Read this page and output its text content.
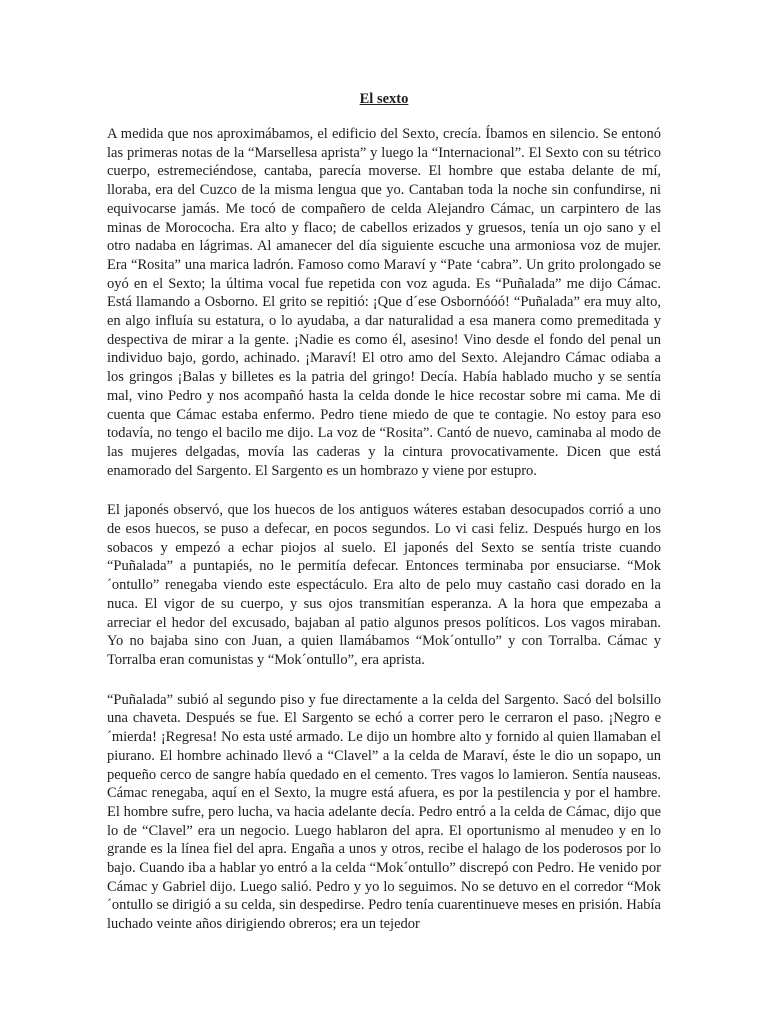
El sexto

A medida que nos aproximábamos, el edificio del Sexto, crecía. Íbamos en silencio. Se entonó las primeras notas de la “Marsellesa aprista” y luego la “Internacional”. El Sexto con su tétrico cuerpo, estremeciéndose, cantaba, parecía moverse. El hombre que estaba delante de mí, lloraba, era del Cuzco de la misma lengua que yo. Cantaban toda la noche sin confundirse, ni equivocarse jamás. Me tocó de compañero de celda Alejandro Cámac, un carpintero de las minas de Morococha. Era alto y flaco; de cabellos erizados y gruesos, tenía un ojo sano y el otro nadaba en lágrimas. Al amanecer del día siguiente escuche una armoniosa voz de mujer. Era “Rosita” una marica ladrón. Famoso como Maraví y “Pate ‘cabra”. Un grito prolongado se oyó en el Sexto; la última vocal fue repetida con voz aguda. Es “Puñalada” me dijo Cámac. Está llamando a Osborno. El grito se repitió: ¡Que d´ese Osbornóóó! “Puñalada” era muy alto, en algo influía su estatura, o lo ayudaba, a dar naturalidad a esa manera como premeditada y despectiva de mirar a la gente. ¡Nadie es como él, asesino! Vino desde el fondo del penal un individuo bajo, gordo, achinado. ¡Maraví! El otro amo del Sexto. Alejandro Cámac odiaba a los gringos ¡Balas y billetes es la patria del gringo! Decía. Había hablado mucho y se sentía mal, vino Pedro y nos acompañó hasta la celda donde le hice recostar sobre mi cama. Me di cuenta que Cámac estaba enfermo. Pedro tiene miedo de que te contagie. No estoy para eso todavía, no tengo el bacilo me dijo. La voz de “Rosita”. Cantó de nuevo, caminaba al modo de las mujeres delgadas, movía las caderas y la cintura provocativamente. Dicen que está enamorado del Sargento. El Sargento es un hombrazo y viene por estupro.

El japonés observó, que los huecos de los antiguos wáteres estaban desocupados corrió a uno de esos huecos, se puso a defecar, en pocos segundos. Lo vi casi feliz. Después hurgo en los sobacos y empezó a echar piojos al suelo. El japonés del Sexto se sentía triste cuando “Puñalada” a puntapiés, no le permitía defecar. Entonces terminaba por ensuciarse. “Mok´ontullo” renegaba viendo este espectáculo. Era alto de pelo muy castaño casi dorado en la nuca. El vigor de su cuerpo, y sus ojos transmitían esperanza. A la hora que empezaba a arreciar el hedor del excusado, bajaban al patio algunos presos políticos. Los vagos miraban. Yo no bajaba sino con Juan, a quien llamábamos “Mok´ontullo” y con Torralba. Cámac y Torralba eran comunistas y “Mok´ontullo”, era aprista.

“Puñalada” subió al segundo piso y fue directamente a la celda del Sargento. Sacó del bolsillo una chaveta. Después se fue. El Sargento se echó a correr pero le cerraron el paso. ¡Negro e´mierda! ¡Regresa! No esta usté armado. Le dijo un hombre alto y fornido al quien llamaban el piurano. El hombre achinado llevó a “Clavel” a la celda de Maraví, éste le dio un sopapo, un pequeño cerco de sangre había quedado en el cemento. Tres vagos lo lamieron. Sentía nauseas. Cámac renegaba, aquí en el Sexto, la mugre está afuera, es por la pestilencia y por el hambre. El hombre sufre, pero lucha, va hacia adelante decía. Pedro entró a la celda de Cámac, dijo que lo de “Clavel” era un negocio. Luego hablaron del apra. El oportunismo al menudeo y en lo grande es la línea fiel del apra. Engaña a unos y otros, recibe el halago de los poderosos por lo bajo. Cuando iba a hablar yo entró a la celda “Mok´ontullo” discrepó con Pedro. He venido por Cámac y Gabriel dijo. Luego salió. Pedro y yo lo seguimos. No se detuvo en el corredor “Mok´ontullo se dirigió a su celda, sin despedirse. Pedro tenía cuarentinueve meses en prisión. Había luchado veinte años dirigiendo obreros; era un tejedor
